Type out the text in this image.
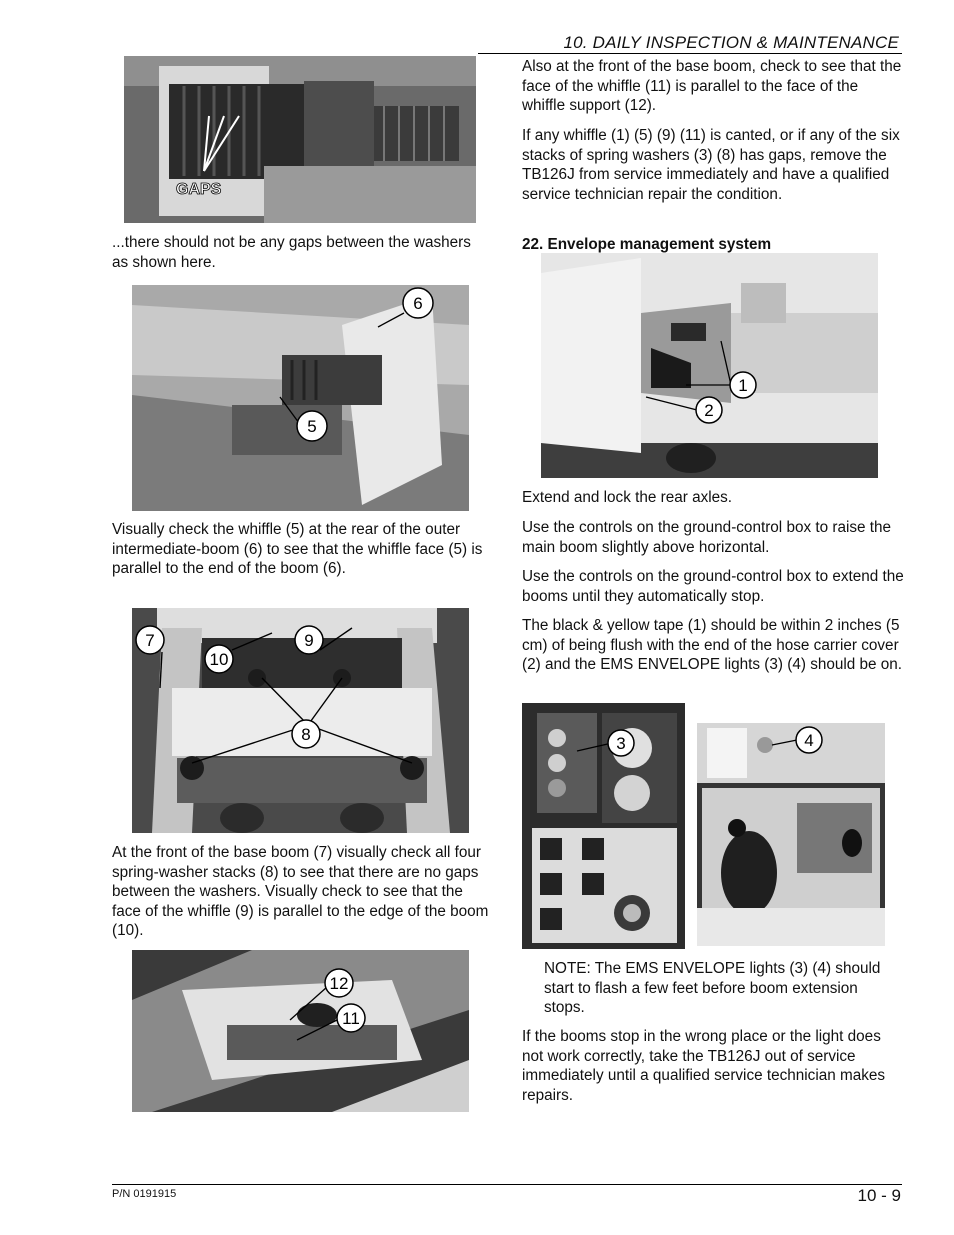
10. DAILY INSPECTION & MAINTENANCE
GAPS
...there should not be any gaps between the washers as shown here.
6
5
Visually check the whiffle (5) at the rear of the outer intermediate-boom (6) to see that the whiffle face (5) is parallel to the end of the boom (6).
7	9
10
8
At the front of the base boom (7) visually check all four spring-washer stacks (8) to see that there are no gaps between the washers. Visually check to see that the face of the whiffle (9) is parallel to the edge of the boom (10).
12
11
Also at the front of the base boom, check to see that the face of the whiffle (11) is parallel to the face of the whiffle support (12).
If any whiffle (1) (5) (9) (11) is canted, or if any of the six stacks of spring washers (3) (8) has gaps, remove the TB126J from service immediately and have a qualified service technician repair the condition.
22. Envelope management system
1
2
Extend and lock the rear axles.
Use the controls on the ground-control box to raise the main boom slightly above horizontal.
Use the controls on the ground-control box to extend the booms until they automatically stop.
The black & yellow tape (1) should be within 2 inches (5 cm) of being flush with the end of the hose carrier cover (2) and the EMS ENVELOPE lights (3) (4) should be on.
3	4
NOTE: The EMS ENVELOPE lights (3) (4) should start to flash a few feet before boom extension stops.
If the booms stop in the wrong place or the light does not work correctly, take the TB126J out of service immediately until a qualified service technician makes repairs.
P/N 0191915	10 - 9
